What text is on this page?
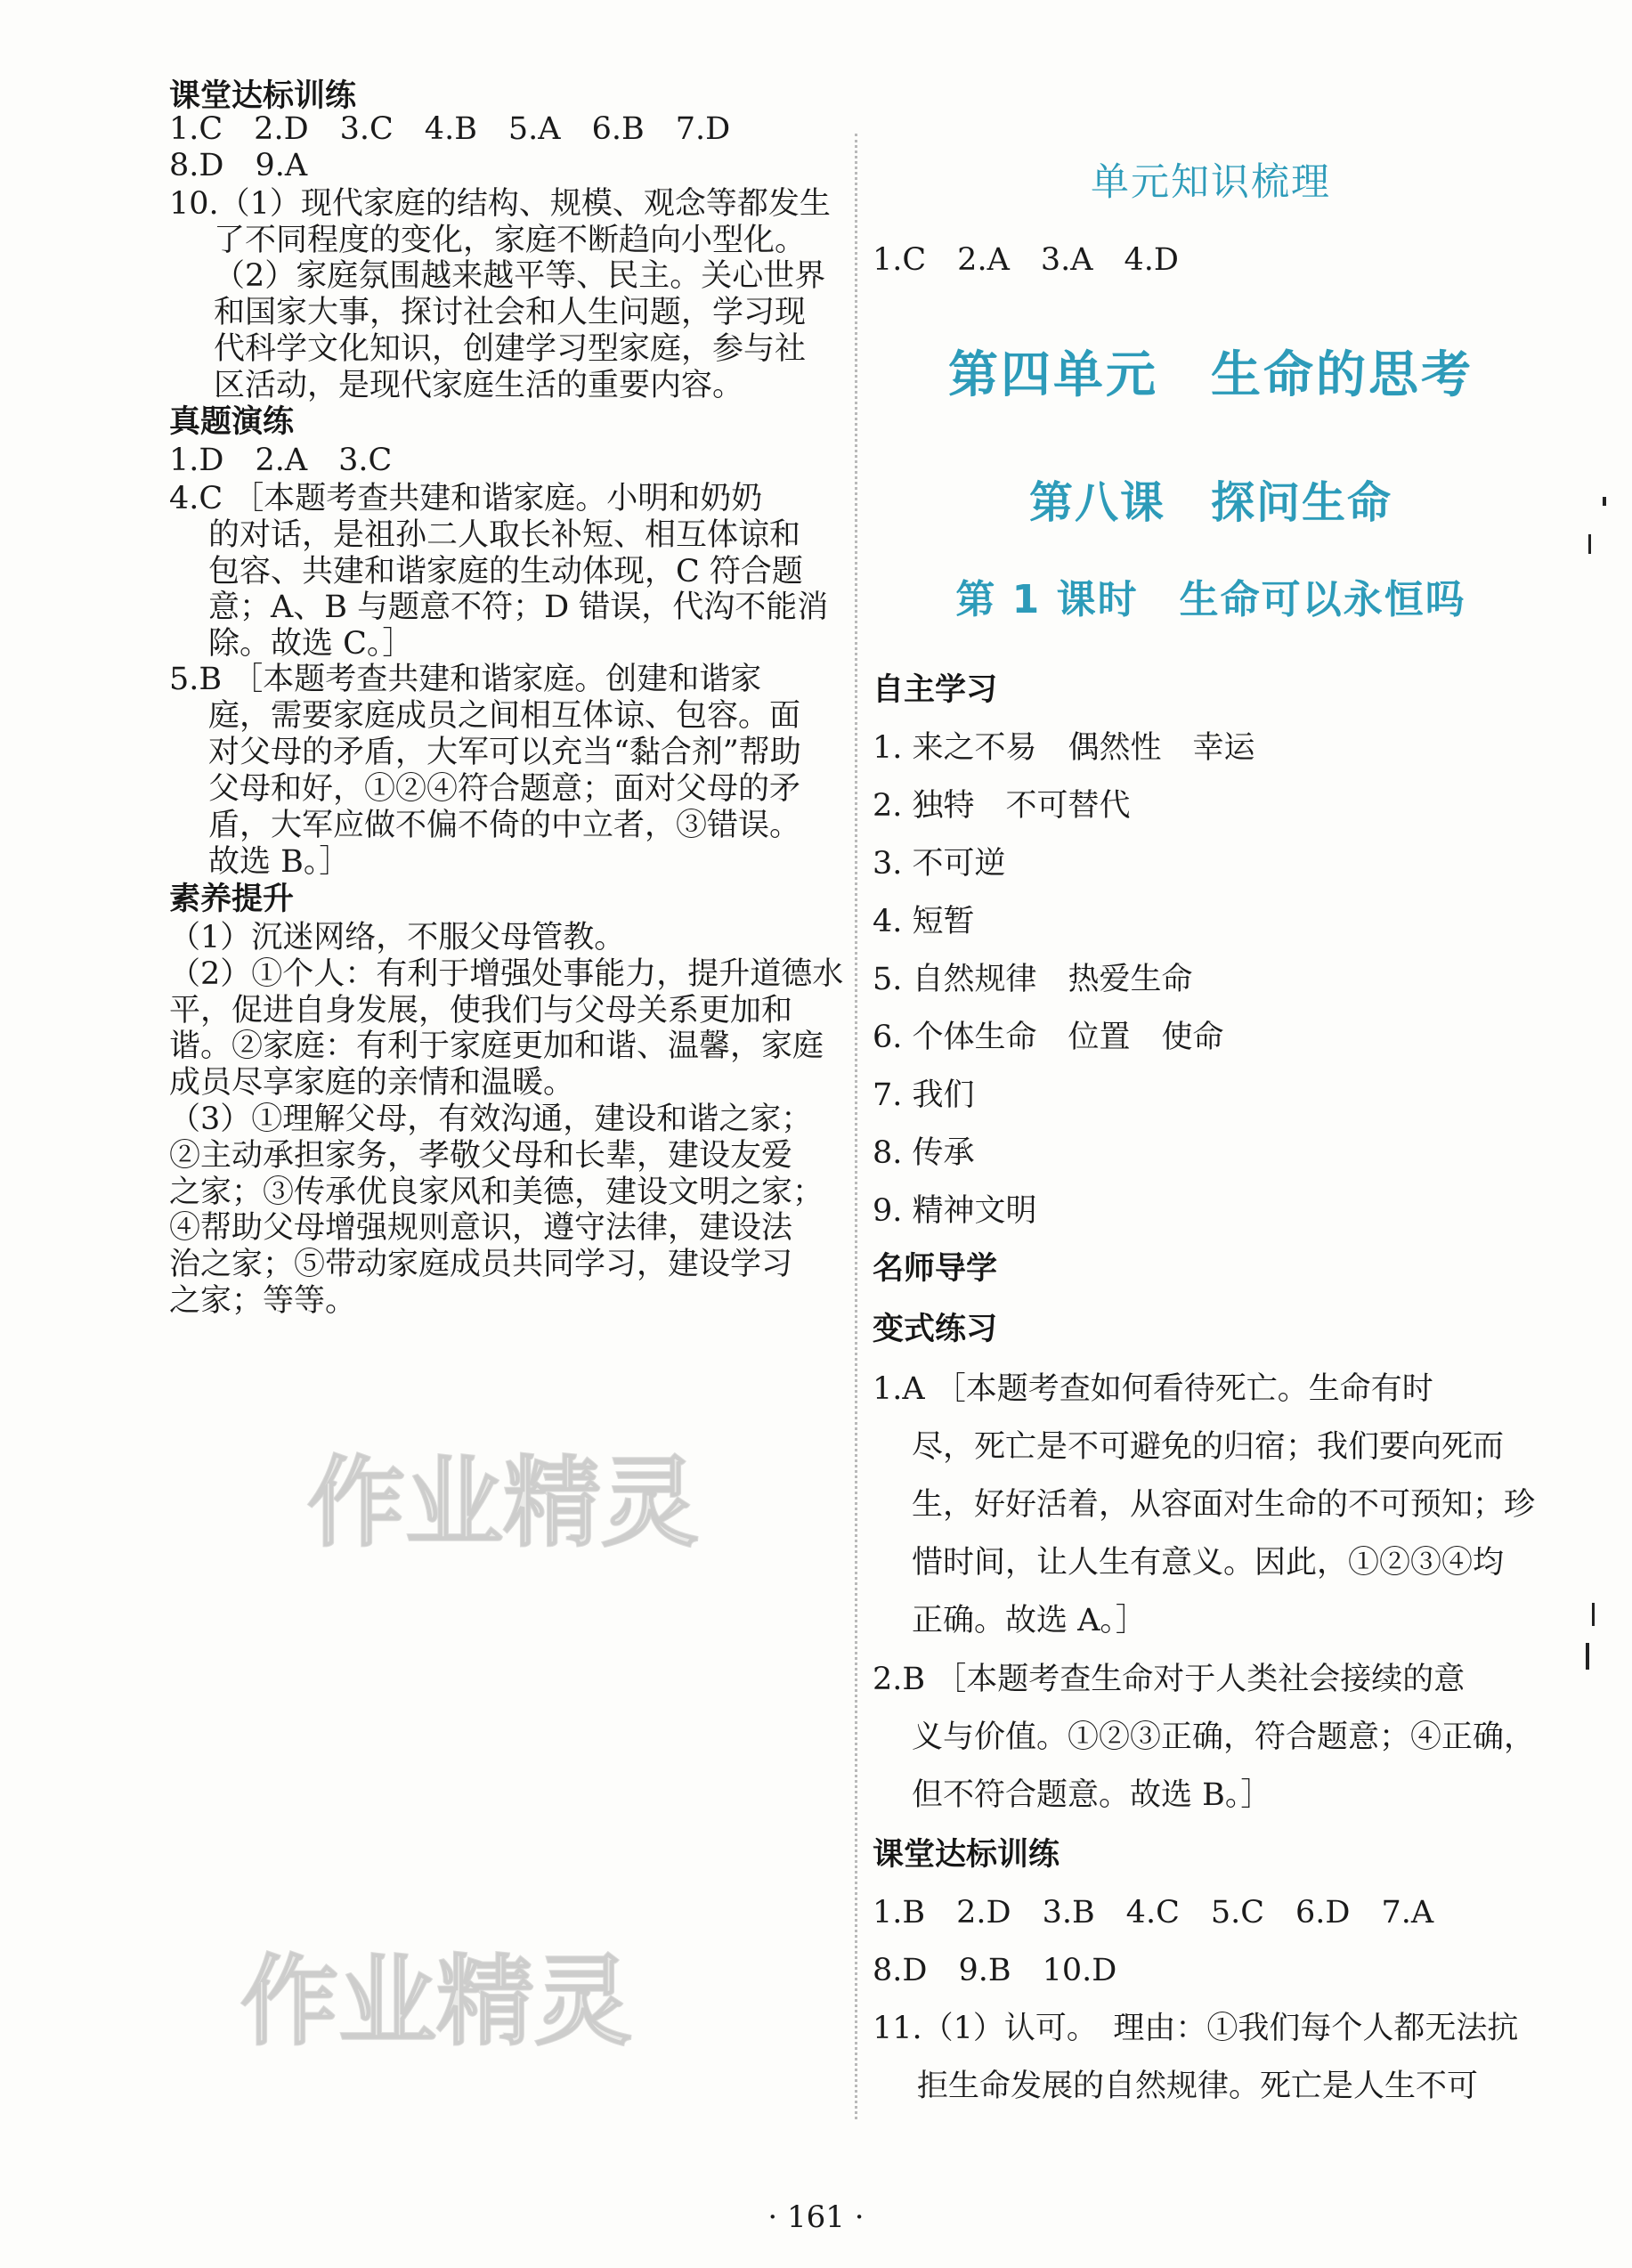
课堂达标训练
1.C　2.D　3.C　4.B　5.A　6.B　7.D
8.D　9.A
10.（1）现代家庭的结构、规模、观念等都发生
了不同程度的变化，家庭不断趋向小型化。
（2）家庭氛围越来越平等、民主。关心世界
和国家大事，探讨社会和人生问题，学习现
代科学文化知识，创建学习型家庭，参与社
区活动，是现代家庭生活的重要内容。
真题演练
1.D　2.A　3.C
4.C ［本题考查共建和谐家庭。小明和奶奶
的对话，是祖孙二人取长补短、相互体谅和
包容、共建和谐家庭的生动体现，C 符合题
意；A、B 与题意不符；D 错误，代沟不能消
除。故选 C。］
5.B ［本题考查共建和谐家庭。创建和谐家
庭，需要家庭成员之间相互体谅、包容。面
对父母的矛盾，大军可以充当“黏合剂”帮助
父母和好，①②④符合题意；面对父母的矛
盾，大军应做不偏不倚的中立者，③错误。
故选 B。］
素养提升
（1）沉迷网络，不服父母管教。
（2）①个人：有利于增强处事能力，提升道德水
平，促进自身发展，使我们与父母关系更加和
谐。②家庭：有利于家庭更加和谐、温馨，家庭
成员尽享家庭的亲情和温暖。
（3）①理解父母，有效沟通，建设和谐之家；
②主动承担家务，孝敬父母和长辈，建设友爱
之家；③传承优良家风和美德，建设文明之家；
④帮助父母增强规则意识，遵守法律，建设法
治之家；⑤带动家庭成员共同学习，建设学习
之家；等等。
单元知识梳理
1.C　2.A　3.A　4.D
第四单元　生命的思考
第八课　探问生命
第 1 课时　生命可以永恒吗
自主学习
1. 来之不易　偶然性　幸运
2. 独特　不可替代
3. 不可逆
4. 短暂
5. 自然规律　热爱生命
6. 个体生命　位置　使命
7. 我们
8. 传承
9. 精神文明
名师导学
变式练习
1.A ［本题考查如何看待死亡。生命有时
尽，死亡是不可避免的归宿；我们要向死而
生，好好活着，从容面对生命的不可预知；珍
惜时间，让人生有意义。因此，①②③④均
正确。故选 A。］
2.B ［本题考查生命对于人类社会接续的意
义与价值。①②③正确，符合题意；④正确，
但不符合题意。故选 B。］
课堂达标训练
1.B　2.D　3.B　4.C　5.C　6.D　7.A
8.D　9.B　10.D
11.（1）认可。　理由：①我们每个人都无法抗
拒生命发展的自然规律。死亡是人生不可
作业精灵
作业精灵
· 161 ·
